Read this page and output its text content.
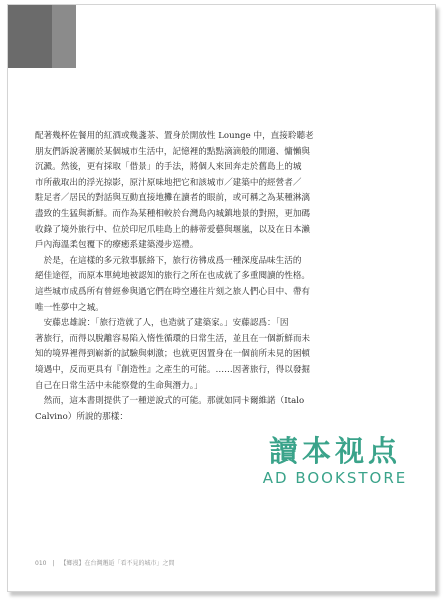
配著幾杯佐餐用的紅酒或幾盞茶、置身於開放性 Lounge 中，直接聆聽老

朋友們訴說著關於某個城市生活中，記憶裡的點點滴滴般的閒適、慵懶與

沉澱。然後，更有採取「借景」的手法，將個人來回奔走於舊島上的城

市所截取出的浮光掠影，原汁原味地把它和該城市／建築中的經營者／

駐足者／居民的對話與互動直接地攤在讀者的眼前，或可稱之為某種淋漓

盡致的生猛與新鮮。而作為某種相較於台灣島內城鎮地景的對照，更加碼

收錄了境外旅行中、位於印尼爪哇島上的赫蒂爱藝與堰嵐，以及在日本瀨

戶內海溫柔包覆下的療癒系建築漫步巡禮。

　於是，在這樣的多元敘事脈絡下，旅行彷彿成爲一種深度品味生活的

絕佳途徑，而原本單純地被認知的旅行之所在也成就了多重閱讀的性格。

這些城市成爲所有曾經參與過它們在時空邊往片刻之旅人們心目中、帶有

唯一性夢中之城。

　安藤忠雄說：「旅行造就了人，也造就了建築家。」安藤認爲：「因

著旅行，而得以脫離容易陷入惰性循環的日常生活，並且在一個新鮮而未

知的境界裡得到嶄新的試驗與刺激；也就更因置身在一個前所未見的困頓

境遇中，反而更具有『創造性』之產生的可能。……因著旅行，得以發掘

自己在日常生活中未能察覺的生命與潛力。」

　然而，這本書則提供了一種逆說式的可能。那就如同卡爾維諾（Italo

Calvino）所說的那樣：

010 | 【鄉漫】在台灣邂逅「看不見的城市」之間
讀本视点
AD BOOKSTORE
